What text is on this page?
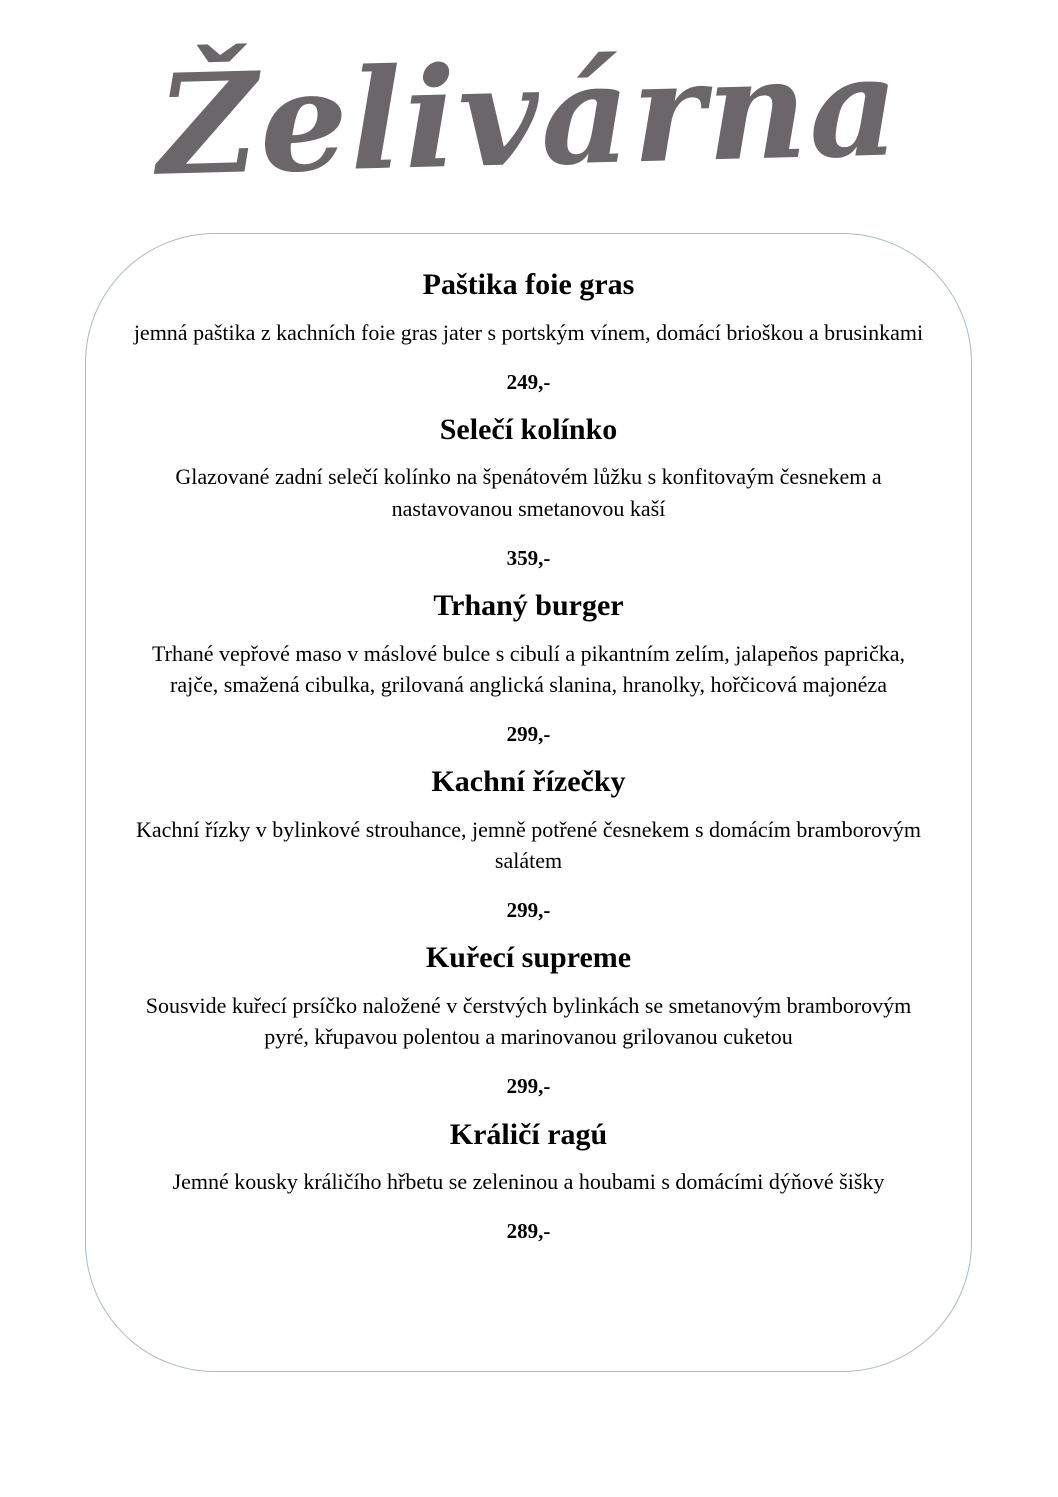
Želivárna
Paštika foie gras
jemná paštika z kachních foie gras jater s portským vínem, domácí brioškou a brusinkami
249,-
Selečí kolínko
Glazované zadní selečí kolínko na špenátovém lůžku s konfitovaým česnekem a nastavovanou smetanovou kaší
359,-
Trhaný burger
Trhané vepřové maso v máslové bulce s cibulí a pikantním zelím, jalapeños paprička, rajče, smažená cibulka, grilovaná anglická slanina, hranolky, hořčicová majonéza
299,-
Kachní řízečky
Kachní řízky v bylinkové strouhance, jemně potřené česnekem s domácím bramborovým salátem
299,-
Kuřecí supreme
Sousvide kuřecí prsíčko naložené v čerstvých bylinkách se smetanovým bramborovým pyré, křupavou polentou a marinovanou grilovanou cuketou
299,-
Králičí ragú
Jemné kousky králičího hřbetu se zeleninou a houbami s domácími dýňové šišky
289,-
